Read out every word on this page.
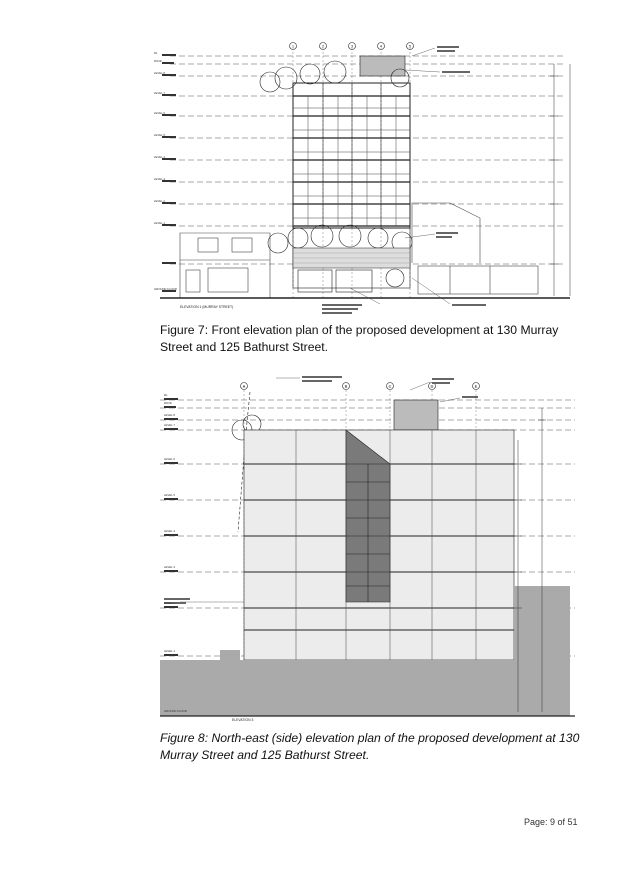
ELEVATION 1 (MURRAY STREET)
1	2	3	4	5
RL
ROOF
LEVEL 8
LEVEL 7
LEVEL 6
LEVEL 5
LEVEL 4
LEVEL 3
LEVEL 2
LEVEL 1
GROUND FLOOR

Figure 7: Front elevation plan of the proposed development at 130 Murray Street and 125 Bathurst Street.

ELEVATION 3
A	B	C	D	E
RL
ROOF
LEVEL 8
LEVEL 7
LEVEL 6
LEVEL 5
LEVEL 4
LEVEL 3
LEVEL 2
LEVEL 1
GROUND FLOOR

Figure 8: North-east (side) elevation plan of the proposed development at 130 Murray Street and 125 Bathurst Street.

Page: 9 of 51
